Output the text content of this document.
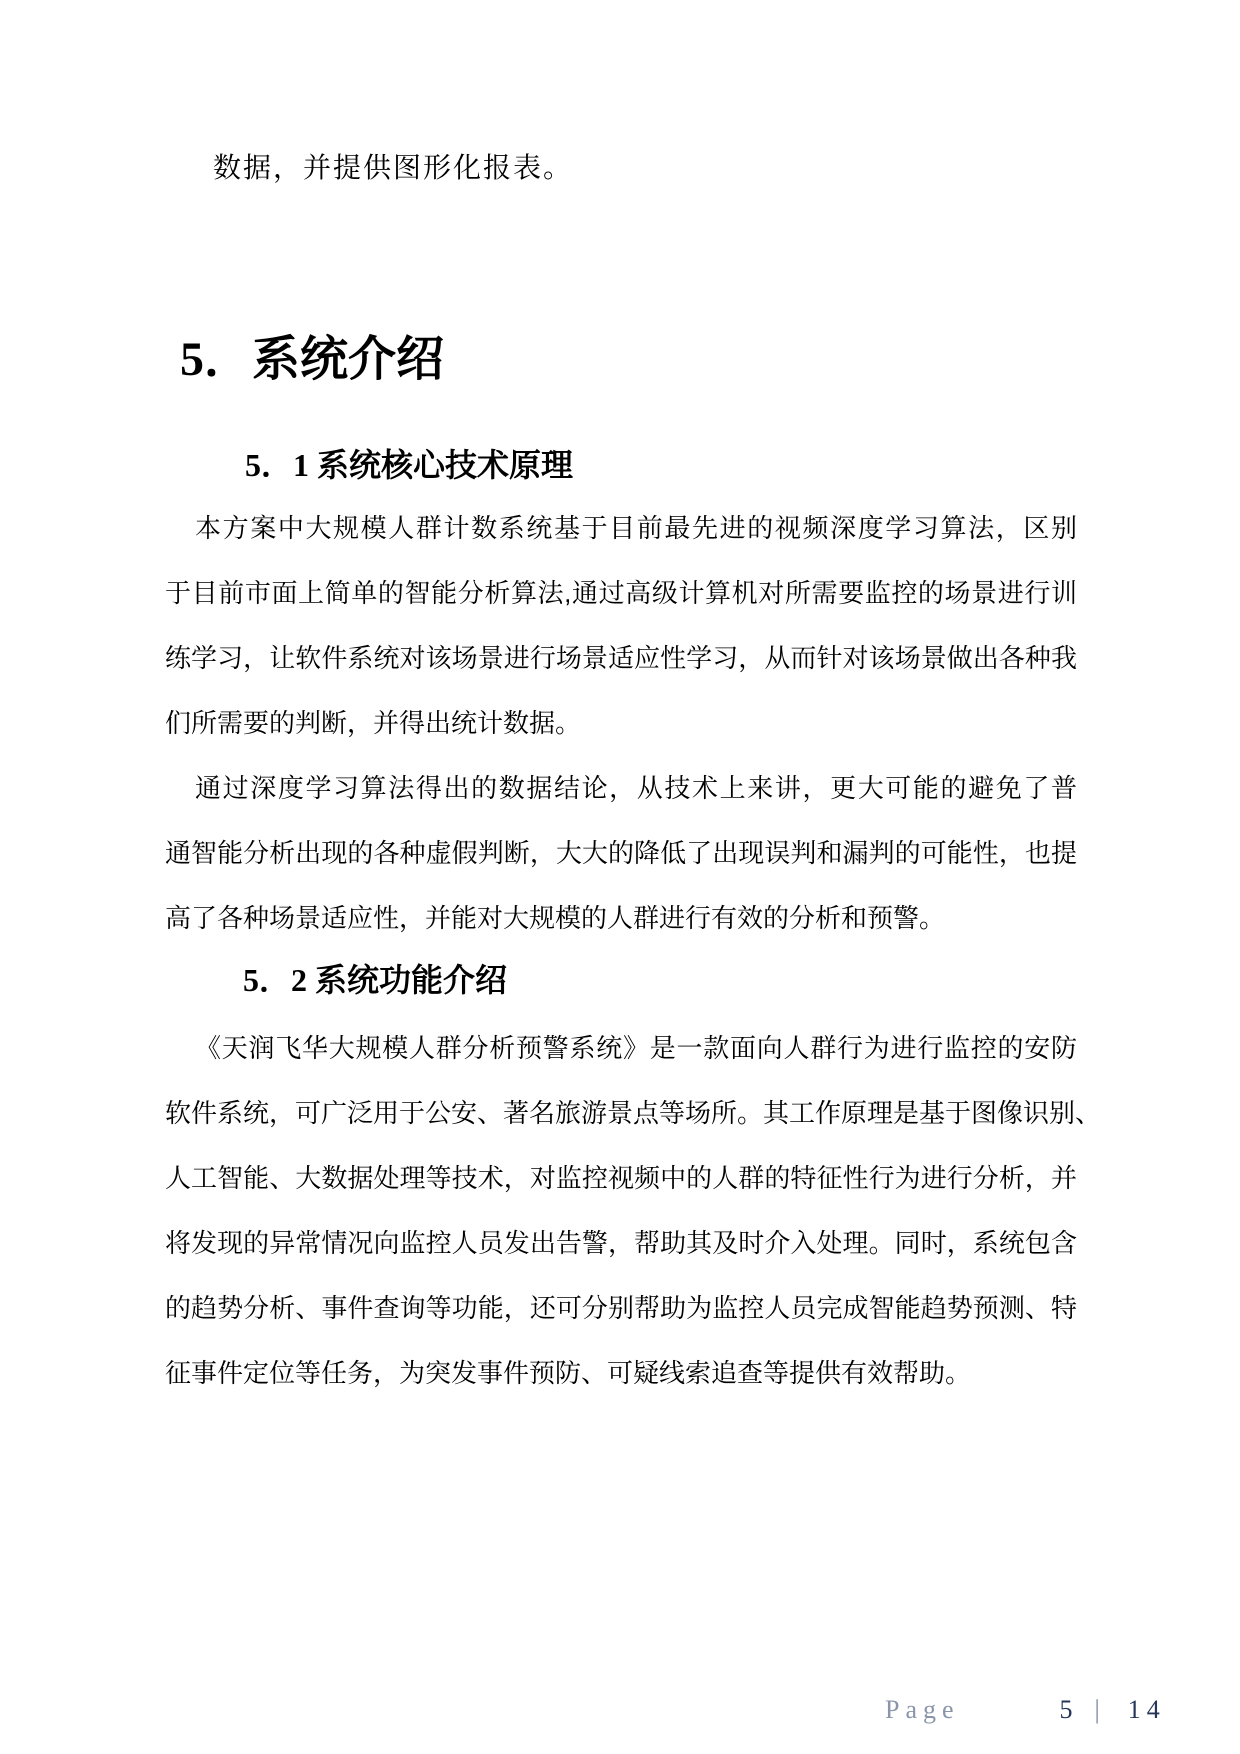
数据，并提供图形化报表。
5．系统介绍
5．1 系统核心技术原理
本方案中大规模人群计数系统基于目前最先进的视频深度学习算法，区别
于目前市面上简单的智能分析算法,通过高级计算机对所需要监控的场景进行训
练学习，让软件系统对该场景进行场景适应性学习，从而针对该场景做出各种我
们所需要的判断，并得出统计数据。
通过深度学习算法得出的数据结论，从技术上来讲，更大可能的避免了普
通智能分析出现的各种虚假判断，大大的降低了出现误判和漏判的可能性，也提
高了各种场景适应性，并能对大规模的人群进行有效的分析和预警。
5．2 系统功能介绍
《天润飞华大规模人群分析预警系统》是一款面向人群行为进行监控的安防
软件系统，可广泛用于公安、著名旅游景点等场所。其工作原理是基于图像识别、
人工智能、大数据处理等技术，对监控视频中的人群的特征性行为进行分析，并
将发现的异常情况向监控人员发出告警，帮助其及时介入处理。同时，系统包含
的趋势分析、事件查询等功能，还可分别帮助为监控人员完成智能趋势预测、特
征事件定位等任务，为突发事件预防、可疑线索追查等提供有效帮助。
Page	5 | 14
